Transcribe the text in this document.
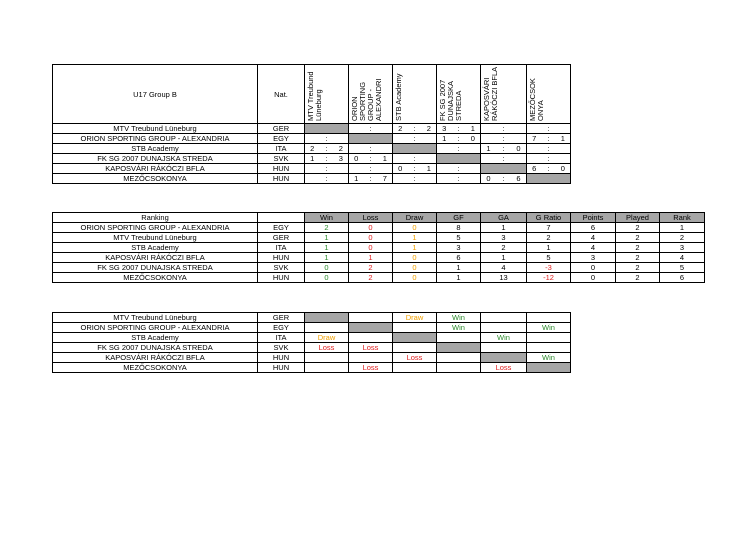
U17 Group B	Nat.	MTV Treubund Lüneburg	ORION SPORTING GROUP - ALEXANDRI	STB Academy	FK SG 2007 DUNAJSKA STREDA	KAPOSVÁRI RÁKÓCZI BFLA	MEZŐCSOK ONYA

MTV Treubund Lüneburg	GER		:	2 : 2	3 : 1	:	:

ORION SPORTING GROUP - ALEXANDRIA	EGY	:		:	1 : 0	:	7 : 1

STB Academy	ITA	2 : 2	:		:	1 : 0	:

FK SG 2007 DUNAJSKA STREDA	SVK	1 : 3	0 : 1	:		:	:

KAPOSVÁRI RÁKÓCZI BFLA	HUN	:	:	0 : 1	:		6 : 0

MEZŐCSOKONYA	HUN	:	1 : 7	:	:	0 : 6	

Ranking		Win	Loss	Draw	GF	GA	G Ratio	Points	Played	Rank
ORION SPORTING GROUP - ALEXANDRIA	EGY	2	0	0	8	1	7	6	2	1
MTV Treubund Lüneburg	GER	1	0	1	5	3	2	4	2	2
STB Academy	ITA	1	0	1	3	2	1	4	2	3
KAPOSVÁRI RÁKÓCZI BFLA	HUN	1	1	0	6	1	5	3	2	4
FK SG 2007 DUNAJSKA STREDA	SVK	0	2	0	1	4	-3	0	2	5
MEZŐCSOKONYA	HUN	0	2	0	1	13	-12	0	2	6
MTV Treubund Lüneburg	GER			Draw	Win		
ORION SPORTING GROUP - ALEXANDRIA	EGY				Win		Win
STB Academy	ITA	Draw				Win	
FK SG 2007 DUNAJSKA STREDA	SVK	Loss	Loss				
KAPOSVÁRI RÁKÓCZI BFLA	HUN			Loss			Win
MEZŐCSOKONYA	HUN		Loss			Loss	
